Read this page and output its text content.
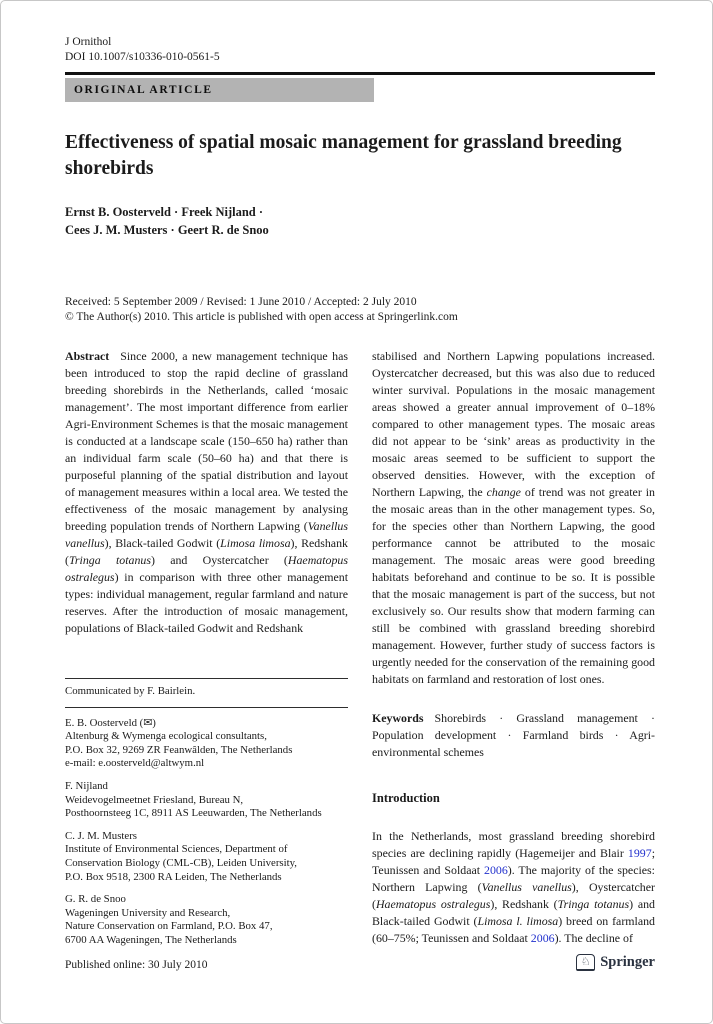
J Ornithol
DOI 10.1007/s10336-010-0561-5
ORIGINAL ARTICLE
Effectiveness of spatial mosaic management for grassland breeding shorebirds
Ernst B. Oosterveld · Freek Nijland ·
Cees J. M. Musters · Geert R. de Snoo
Received: 5 September 2009 / Revised: 1 June 2010 / Accepted: 2 July 2010
© The Author(s) 2010. This article is published with open access at Springerlink.com

Abstract Since 2000, a new management technique has been introduced to stop the rapid decline of grassland breeding shorebirds in the Netherlands, called ‘mosaic management’. The most important difference from earlier Agri-Environment Schemes is that the mosaic management is conducted at a landscape scale (150–650 ha) rather than an individual farm scale (50–60 ha) and that there is purposeful planning of the spatial distribution and layout of management measures within a local area. We tested the effectiveness of the mosaic management by analysing breeding population trends of Northern Lapwing (Vanellus vanellus), Black-tailed Godwit (Limosa limosa), Redshank (Tringa totanus) and Oystercatcher (Haematopus ostralegus) in comparison with three other management types: individual management, regular farmland and nature reserves. After the introduction of mosaic management, populations of Black-tailed Godwit and Redshank

Communicated by F. Bairlein.
E. B. Oosterveld (✉)
Altenburg & Wymenga ecological consultants,
P.O. Box 32, 9269 ZR Feanwâlden, The Netherlands
e-mail: e.oosterveld@altwym.nl
F. Nijland
Weidevogelmeetnet Friesland, Bureau N,
Posthoornsteeg 1C, 8911 AS Leeuwarden, The Netherlands
C. J. M. Musters
Institute of Environmental Sciences, Department of
Conservation Biology (CML-CB), Leiden University,
P.O. Box 9518, 2300 RA Leiden, The Netherlands
G. R. de Snoo
Wageningen University and Research,
Nature Conservation on Farmland, P.O. Box 47,
6700 AA Wageningen, The Netherlands

stabilised and Northern Lapwing populations increased. Oystercatcher decreased, but this was also due to reduced winter survival. Populations in the mosaic management areas showed a greater annual improvement of 0–18% compared to other management types. The mosaic areas did not appear to be ‘sink’ areas as productivity in the mosaic areas seemed to be sufficient to support the observed densities. However, with the exception of Northern Lapwing, the change of trend was not greater in the mosaic areas than in the other management types. So, for the species other than Northern Lapwing, the good performance cannot be attributed to the mosaic management. The mosaic areas were good breeding habitats beforehand and continue to be so. It is possible that the mosaic management is part of the success, but not exclusively so. Our results show that modern farming can still be combined with grassland breeding shorebird management. However, further study of success factors is urgently needed for the conservation of the remaining good habitats on farmland and restoration of lost ones.

Keywords Shorebirds · Grassland management · Population development · Farmland birds · Agri-environmental schemes

Introduction

In the Netherlands, most grassland breeding shorebird species are declining rapidly (Hagemeijer and Blair 1997; Teunissen and Soldaat 2006). The majority of the species: Northern Lapwing (Vanellus vanellus), Oystercatcher (Haematopus ostralegus), Redshank (Tringa totanus) and Black-tailed Godwit (Limosa l. limosa) breed on farmland (60–75%; Teunissen and Soldaat 2006). The decline of

Published online: 30 July 2010	♘ Springer
